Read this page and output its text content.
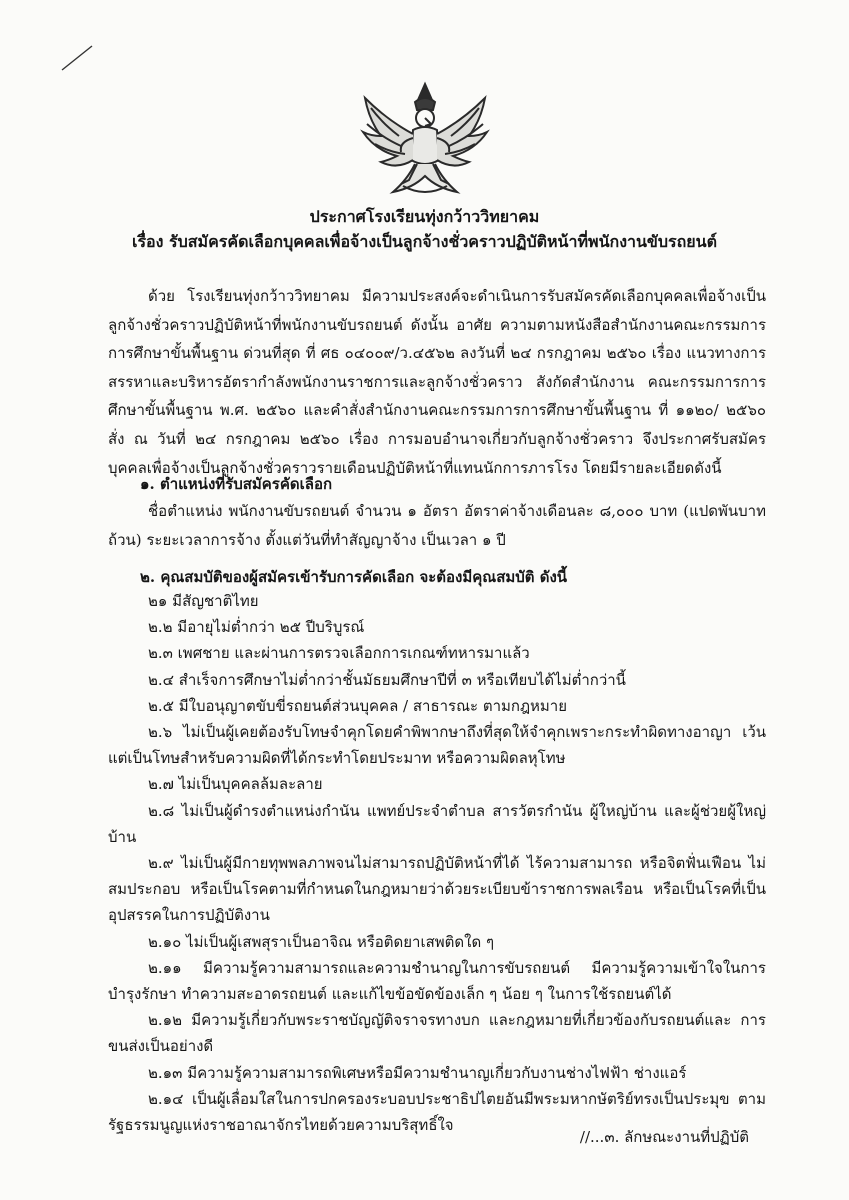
ประกาศโรงเรียนทุ่งกว้าววิทยาคม
เรื่อง รับสมัครคัดเลือกบุคคลเพื่อจ้างเป็นลูกจ้างชั่วคราวปฏิบัติหน้าที่พนักงานขับรถยนต์

ด้วย โรงเรียนทุ่งกว้าววิทยาคม มีความประสงค์จะดำเนินการรับสมัครคัดเลือกบุคคลเพื่อจ้างเป็นลูกจ้างชั่วคราวปฏิบัติหน้าที่พนักงานขับรถยนต์ ดังนั้น อาศัย ความตามหนังสือสำนักงานคณะกรรมการการศึกษาขั้นพื้นฐาน ด่วนที่สุด ที่ ศธ ๐๔๐๐๙/ว.๔๕๖๒ ลงวันที่ ๒๔ กรกฎาคม ๒๕๖๐ เรื่อง แนวทางการสรรหาและบริหารอัตรากำลังพนักงานราชการและลูกจ้างชั่วคราว สังกัดสำนักงาน คณะกรรมการการศึกษาขั้นพื้นฐาน พ.ศ. ๒๕๖๐ และคำสั่งสำนักงานคณะกรรมการการศึกษาขั้นพื้นฐาน ที่ ๑๑๒๐/ ๒๕๖๐ สั่ง ณ วันที่ ๒๔ กรกฎาคม ๒๕๖๐ เรื่อง การมอบอำนาจเกี่ยวกับลูกจ้างชั่วคราว จึงประกาศรับสมัครบุคคลเพื่อจ้างเป็นลูกจ้างชั่วคราวรายเดือนปฏิบัติหน้าที่แทนนักการภารโรง โดยมีรายละเอียดดังนี้

๑. ตำแหน่งที่รับสมัครคัดเลือก

ชื่อตำแหน่ง พนักงานขับรถยนต์ จำนวน ๑ อัตรา อัตราค่าจ้างเดือนละ ๘,๐๐๐ บาท (แปดพันบาทถ้วน) ระยะเวลาการจ้าง ตั้งแต่วันที่ทำสัญญาจ้าง เป็นเวลา ๑ ปี

๒. คุณสมบัติของผู้สมัครเข้ารับการคัดเลือก จะต้องมีคุณสมบัติ ดังนี้

๒๑ มีสัญชาติไทย

๒.๒ มีอายุไม่ต่ำกว่า ๒๕ ปีบริบูรณ์

๒.๓ เพศชาย และผ่านการตรวจเลือกการเกณฑ์ทหารมาแล้ว

๒.๔ สำเร็จการศึกษาไม่ต่ำกว่าชั้นมัธยมศึกษาปีที่ ๓ หรือเทียบได้ไม่ต่ำกว่านี้

๒.๕ มีใบอนุญาตขับขี่รถยนต์ส่วนบุคคล / สาธารณะ ตามกฎหมาย

๒.๖ ไม่เป็นผู้เคยต้องรับโทษจำคุกโดยคำพิพากษาถึงที่สุดให้จำคุกเพราะกระทำผิดทางอาญา เว้นแต่เป็นโทษสำหรับความผิดที่ได้กระทำโดยประมาท หรือความผิดลหุโทษ

๒.๗ ไม่เป็นบุคคลล้มละลาย

๒.๘ ไม่เป็นผู้ดำรงตำแหน่งกำนัน แพทย์ประจำตำบล สารวัตรกำนัน ผู้ใหญ่บ้าน และผู้ช่วยผู้ใหญ่บ้าน

๒.๙ ไม่เป็นผู้มีกายทุพพลภาพจนไม่สามารถปฏิบัติหน้าที่ได้ ไร้ความสามารถ หรือจิตฟั่นเฟือน ไม่สมประกอบ หรือเป็นโรคตามที่กำหนดในกฎหมายว่าด้วยระเบียบข้าราชการพลเรือน หรือเป็นโรคที่เป็นอุปสรรคในการปฏิบัติงาน

๒.๑๐ ไม่เป็นผู้เสพสุราเป็นอาจิณ หรือติดยาเสพติดใด ๆ

๒.๑๑ มีความรู้ความสามารถและความชำนาญในการขับรถยนต์ มีความรู้ความเข้าใจในการบำรุงรักษา ทำความสะอาดรถยนต์ และแก้ไขข้อขัดข้องเล็ก ๆ น้อย ๆ ในการใช้รถยนต์ได้

๒.๑๒ มีความรู้เกี่ยวกับพระราชบัญญัติจราจรทางบก และกฎหมายที่เกี่ยวข้องกับรถยนต์และ การขนส่งเป็นอย่างดี

๒.๑๓ มีความรู้ความสามารถพิเศษหรือมีความชำนาญเกี่ยวกับงานช่างไฟฟ้า ช่างแอร์

๒.๑๔ เป็นผู้เลื่อมใสในการปกครองระบอบประชาธิปไตยอันมีพระมหากษัตริย์ทรงเป็นประมุข ตามรัฐธรรมนูญแห่งราชอาณาจักรไทยด้วยความบริสุทธิ์ใจ

//...๓. ลักษณะงานที่ปฏิบัติ
